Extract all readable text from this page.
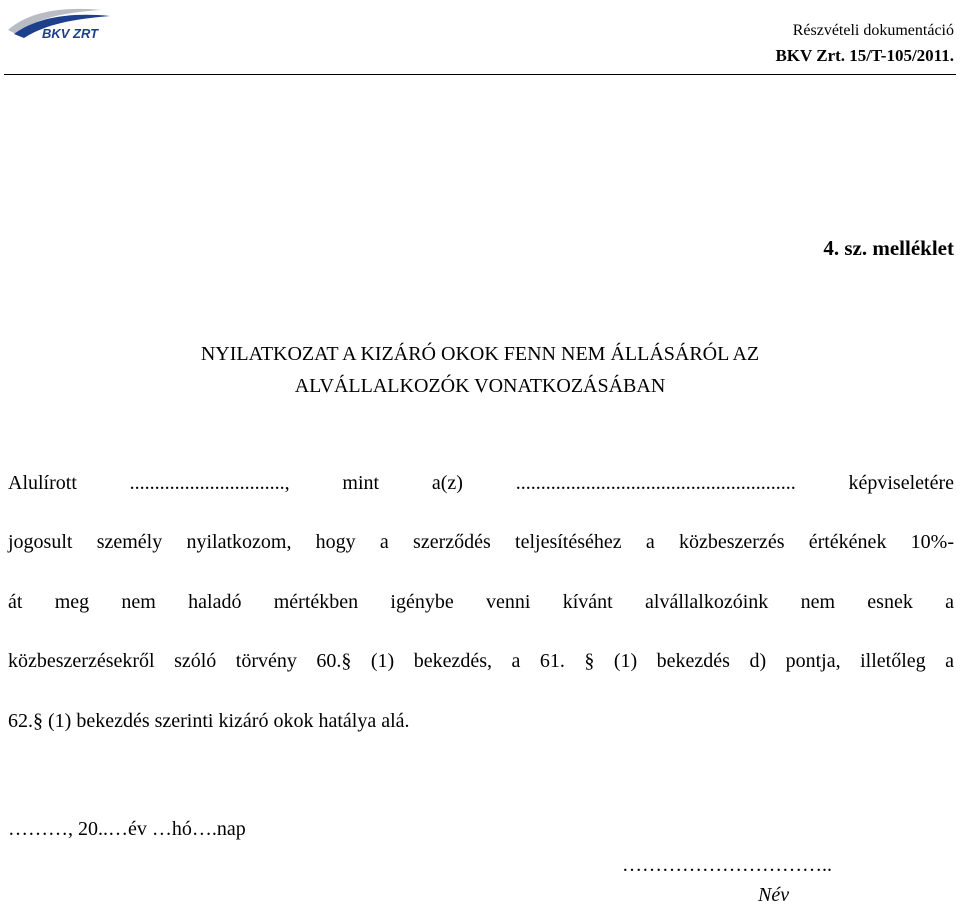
BKV ZRT	Részvételi dokumentáció
BKV Zrt. 15/T-105/2011.
4. sz. melléklet
NYILATKOZAT A KIZÁRÓ OKOK FENN NEM ÁLLÁSÁRÓL AZ
ALVÁLLALKOZÓK VONATKOZÁSÁBAN
Alulírott ..............................., mint a(z) ........................................................ képviseletére
jogosult személy nyilatkozom, hogy a szerződés teljesítéséhez a közbeszerzés értékének 10%-
át meg nem haladó mértékben igénybe venni kívánt alvállalkozóink nem esnek a
közbeszerzésekről szóló törvény 60.§ (1) bekezdés, a 61. § (1) bekezdés d) pontja, illetőleg a
62.§ (1) bekezdés szerinti kizáró okok hatálya alá.
………, 20..…év …hó….nap
…………………………..
Név
